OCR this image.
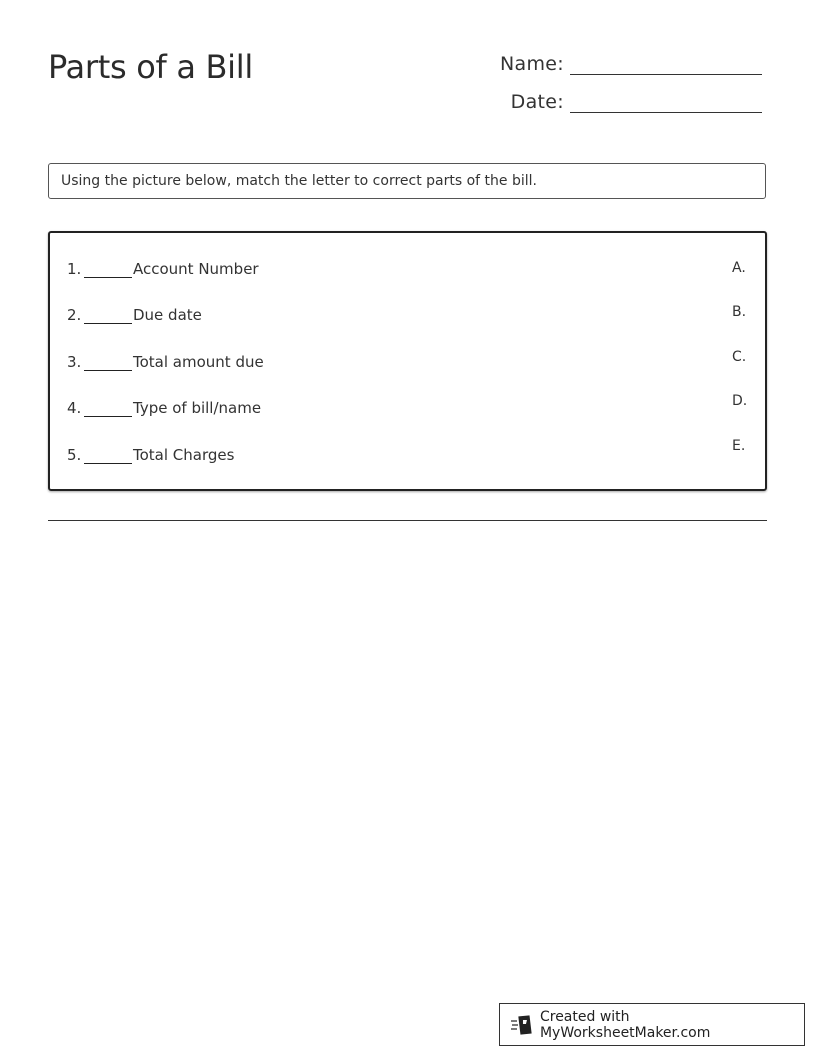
Parts of a Bill	Name:
Date:
Using the picture below, match the letter to correct parts of the bill.
1.	Account Number
2.	Due date
3.	Total amount due
4.	Type of bill/name
5.	Total Charges
A.
B.
C.
D.
E.
Created with MyWorksheetMaker.com
